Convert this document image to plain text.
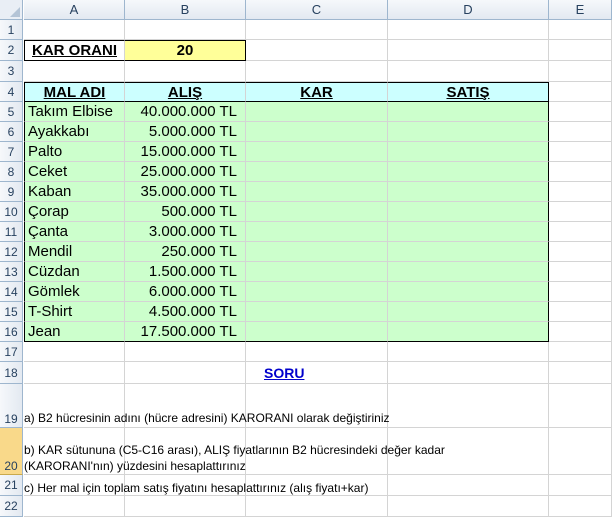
A	B	C	D	E
1
2
3
4
5
6
7
8
9
10
11
12
13
14
15
16
17
18
19
20
21
22
KAR ORANI	20
MAL ADI	ALIŞ	KAR	SATIŞ
Takım Elbise	40.000.000 TL
Ayakkabı	5.000.000 TL
Palto	15.000.000 TL
Ceket	25.000.000 TL
Kaban	35.000.000 TL
Çorap	500.000 TL
Çanta	3.000.000 TL
Mendil	250.000 TL
Cüzdan	1.500.000 TL
Gömlek	6.000.000 TL
T-Shirt	4.500.000 TL
Jean	17.500.000 TL
SORU
a) B2 hücresinin adını (hücre adresini) KARORANI olarak değiştiriniz
b) KAR sütununa (C5-C16 arası), ALIŞ fiyatlarının B2 hücresindeki değer kadar
(KARORANI'nın) yüzdesini hesaplattırınız
c) Her mal için toplam satış fiyatını hesaplattırınız (alış fiyatı+kar)
